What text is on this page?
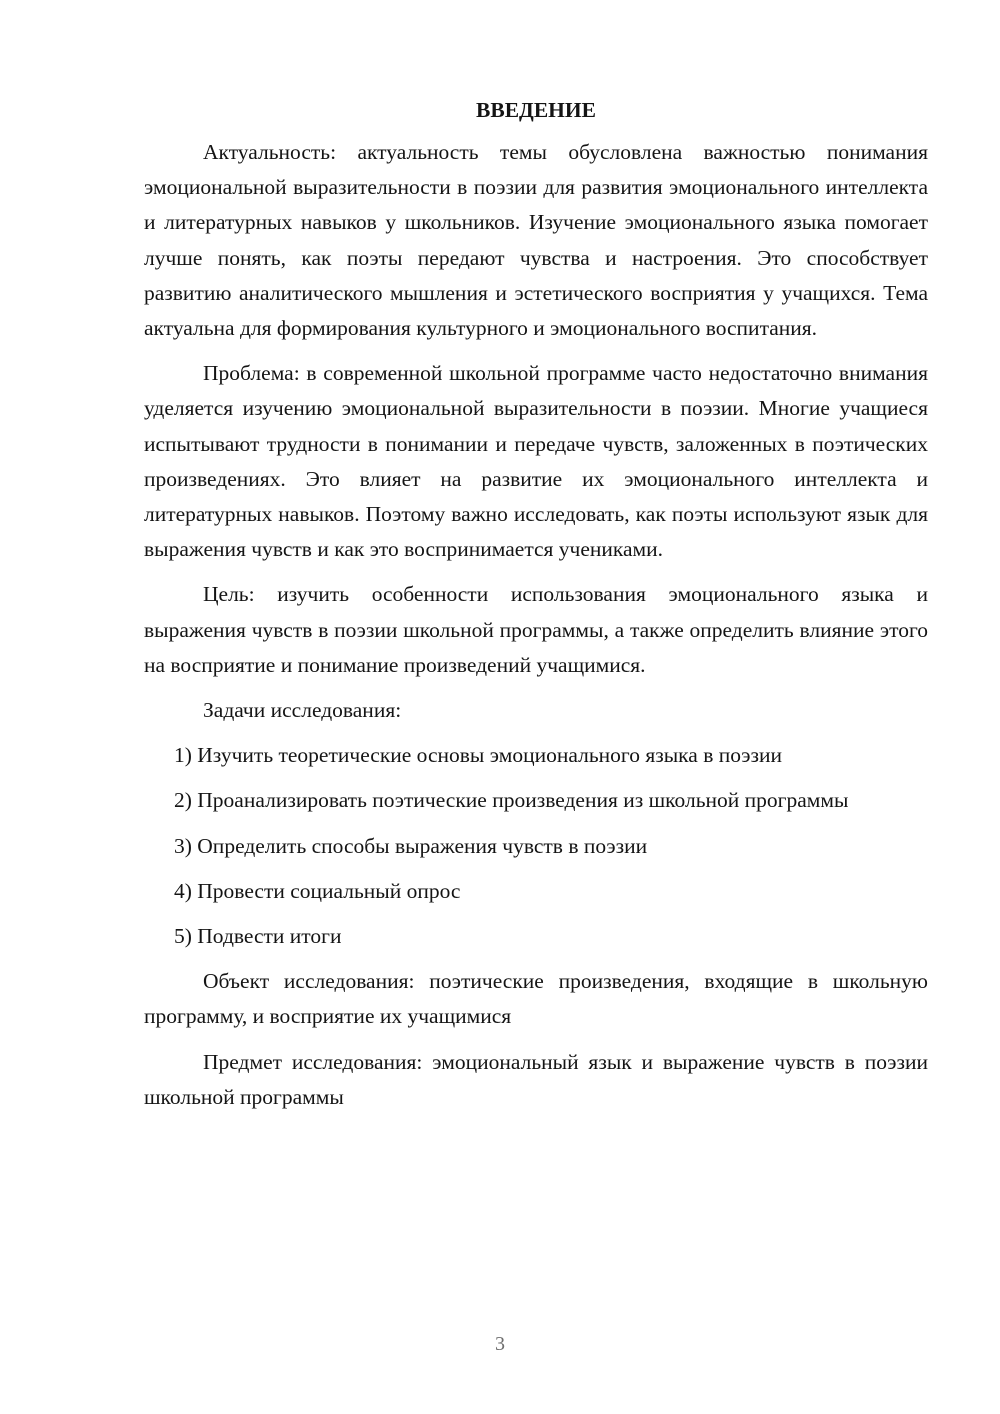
ВВЕДЕНИЕ

Актуальность: актуальность темы обусловлена важностью понимания эмоциональной выразительности в поэзии для развития эмоционального интеллекта и литературных навыков у школьников. Изучение эмоционального языка помогает лучше понять, как поэты передают чувства и настроения. Это способствует развитию аналитического мышления и эстетического восприятия у учащихся. Тема актуальна для формирования культурного и эмоционального воспитания.

Проблема: в современной школьной программе часто недостаточно внимания уделяется изучению эмоциональной выразительности в поэзии. Многие учащиеся испытывают трудности в понимании и передаче чувств, заложенных в поэтических произведениях. Это влияет на развитие их эмоционального интеллекта и литературных навыков. Поэтому важно исследовать, как поэты используют язык для выражения чувств и как это воспринимается учениками.

Цель: изучить особенности использования эмоционального языка и выражения чувств в поэзии школьной программы, а также определить влияние этого на восприятие и понимание произведений учащимися.

Задачи исследования:

1) Изучить теоретические основы эмоционального языка в поэзии

2) Проанализировать поэтические произведения из школьной программы

3) Определить способы выражения чувств в поэзии

4) Провести социальный опрос

5) Подвести итоги

Объект исследования: поэтические произведения, входящие в школьную программу, и восприятие их учащимися

Предмет исследования: эмоциональный язык и выражение чувств в поэзии школьной программы

3
